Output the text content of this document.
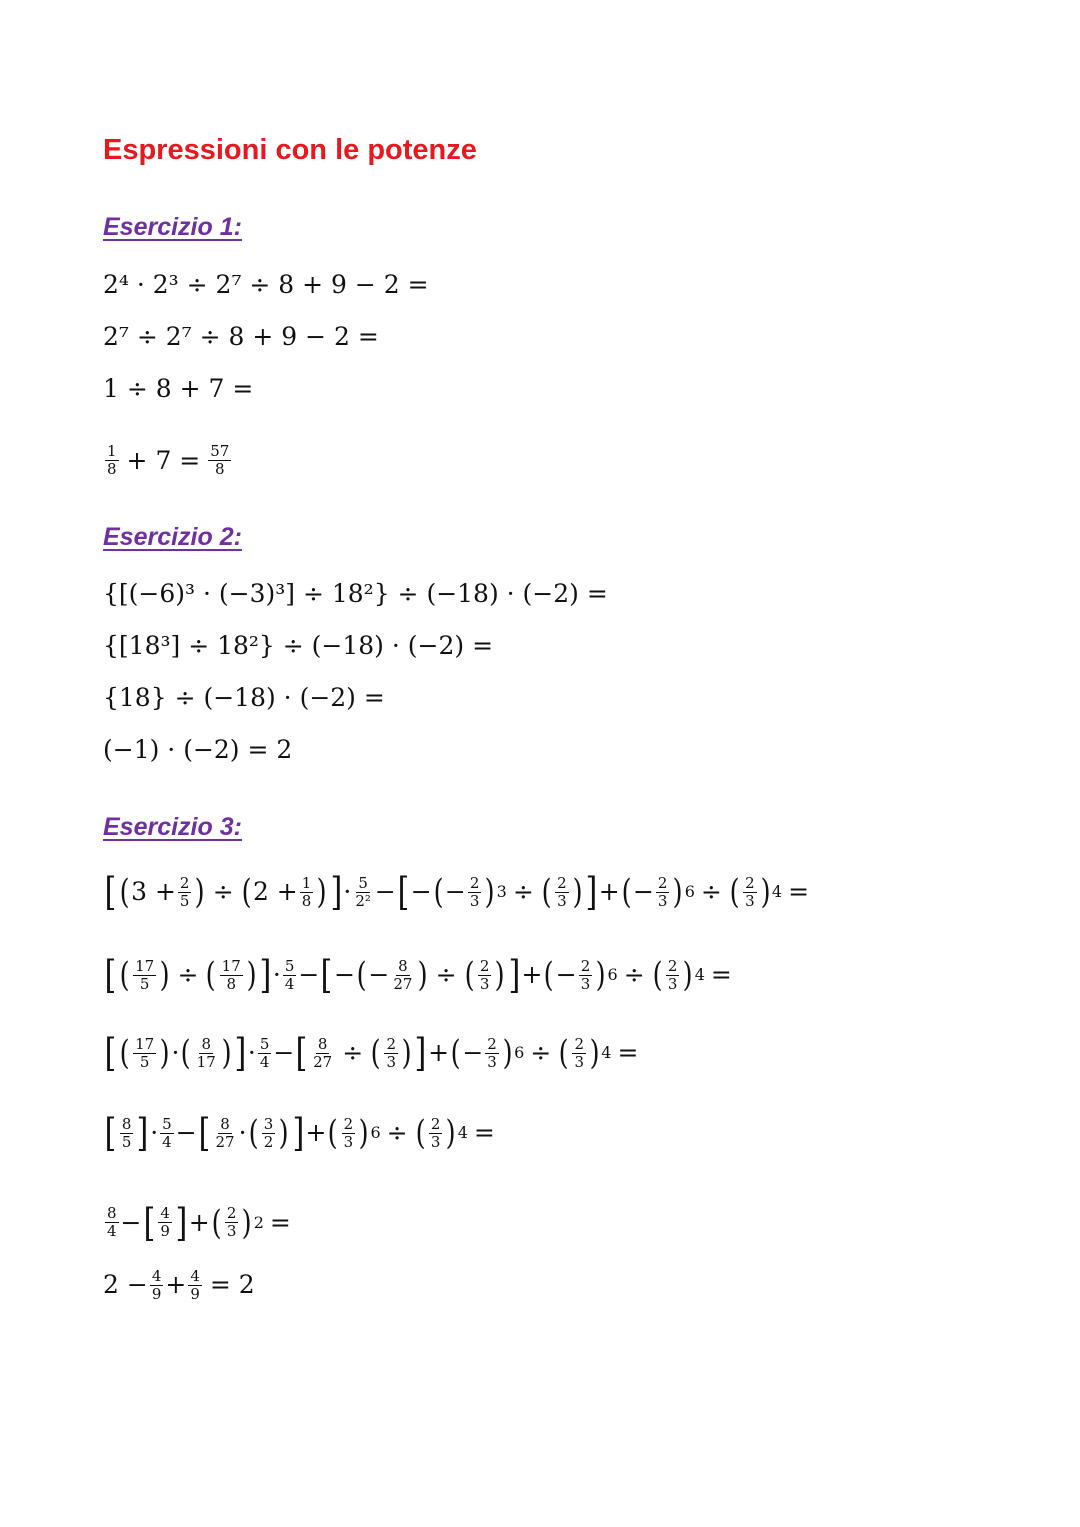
Espressioni con le potenze
Esercizio 1:
2⁴ · 2³ ÷ 2⁷ ÷ 8 + 9 − 2 =
2⁷ ÷ 2⁷ ÷ 8 + 9 − 2 =
1 ÷ 8 + 7 =
$\frac{1}{8} + 7 = \frac{57}{8}$
Esercizio 2:
{[(−6)³ · (−3)³] ÷ 18²} ÷ (−18) · (−2) =
{[18³] ÷ 18²} ÷ (−18) · (−2) =
{18} ÷ (−18) · (−2) =
(−1) · (−2) = 2
Esercizio 3:
[ ( $3 + \frac{2}{5}$ ) ÷ ( $2 + \frac{1}{8}$ ) ] · $\frac{5}{\text{2²}}$ − [ − ( − $\frac{2}{3}$ ) 3 ÷ ( $\frac{2}{3}$ ) ] + ( − $\frac{2}{3}$ ) 6 ÷ ( $\frac{2}{3}$ ) 4 =
[ ( $\frac{17}{5}$ ) ÷ ( $\frac{17}{8}$ ) ] · $\frac{5}{4}$ − [ − ( − $\frac{8}{27}$ ) ÷ ( $\frac{2}{3}$ ) ] + ( − $\frac{2}{3}$ ) 6 ÷ ( $\frac{2}{3}$ ) 4 =
[ ( $\frac{17}{5}$ ) · ( $\frac{8}{17}$ ) ] · $\frac{5}{4}$ − [ $\frac{8}{27}$ ÷ ( $\frac{2}{3}$ ) ] + ( − $\frac{2}{3}$ ) 6 ÷ ( $\frac{2}{3}$ ) 4 =
[ $\frac{8}{5}$ ] · $\frac{5}{4}$ − [ $\frac{8}{27}$ · ( $\frac{3}{2}$ ) ] + ( $\frac{2}{3}$ ) 6 ÷ ( $\frac{2}{3}$ ) 4 =
$\frac{8}{4}$ − [ $\frac{4}{9}$ ] + ( $\frac{2}{3}$ ) 2 =
$2 - \frac{4}{9} + \frac{4}{9} = 2$
